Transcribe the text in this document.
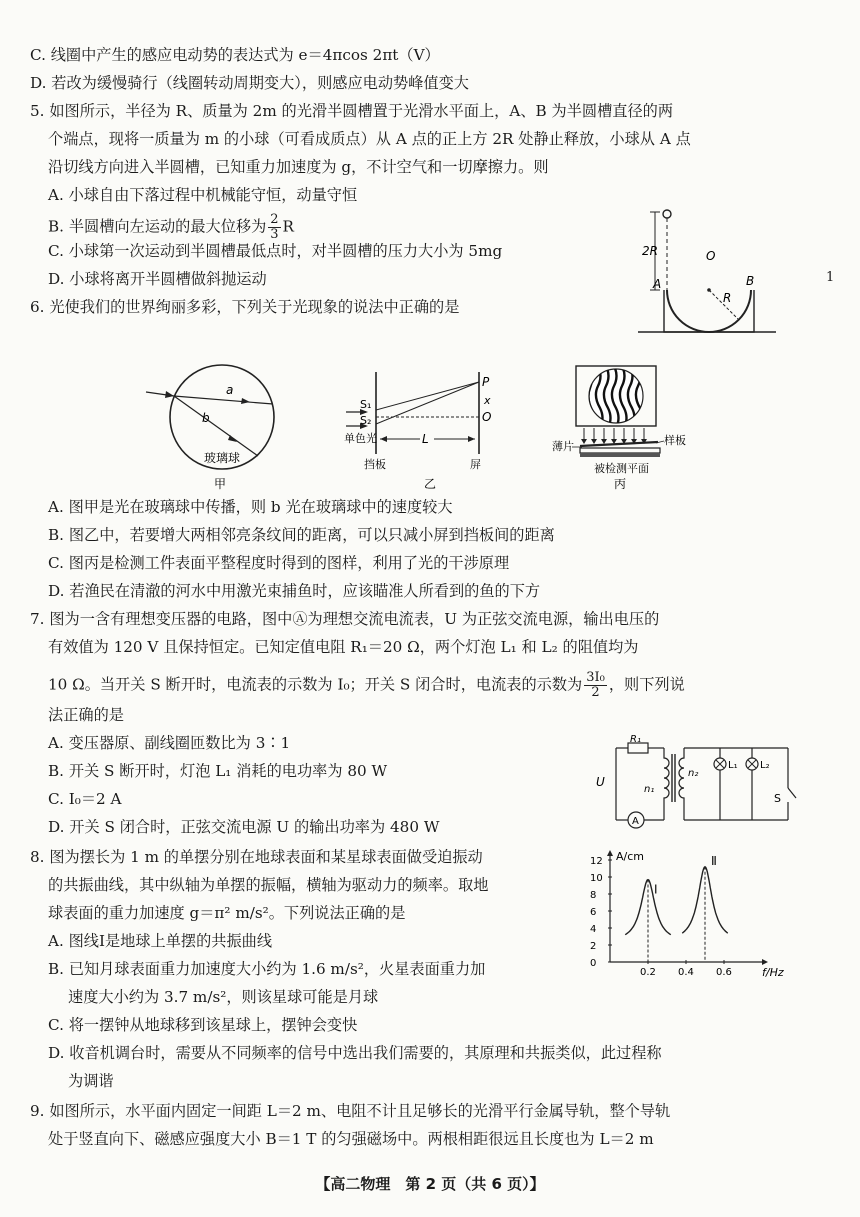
C. 线圈中产生的感应电动势的表达式为 e＝4πcos 2πt（V）
D. 若改为缓慢骑行（线圈转动周期变大），则感应电动势峰值变大
5. 如图所示，半径为 R、质量为 2m 的光滑半圆槽置于光滑水平面上，A、B 为半圆槽直径的两
个端点，现将一质量为 m 的小球（可看成质点）从 A 点的正上方 2R 处静止释放，小球从 A 点
沿切线方向进入半圆槽，已知重力加速度为 g，不计空气和一切摩擦力。则
A. 小球自由下落过程中机械能守恒，动量守恒
B. 半圆槽向左运动的最大位移为 $\frac{2}{3}$ R
C. 小球第一次运动到半圆槽最低点时，对半圆槽的压力大小为 5mg
D. 小球将离开半圆槽做斜抛运动
6. 光使我们的世界绚丽多彩，下列关于光现象的说法中正确的是
A. 图甲是光在玻璃球中传播，则 b 光在玻璃球中的速度较大
B. 图乙中，若要增大两相邻亮条纹间的距离，可以只减小屏到挡板间的距离
C. 图丙是检测工件表面平整程度时得到的图样，利用了光的干涉原理
D. 若渔民在清澈的河水中用激光束捕鱼时，应该瞄准人所看到的鱼的下方
7. 图为一含有理想变压器的电路，图中Ⓐ为理想交流电流表，U 为正弦交流电源，输出电压的
有效值为 120 V 且保持恒定。已知定值电阻 R₁＝20 Ω，两个灯泡 L₁ 和 L₂ 的阻值均为
10 Ω。当开关 S 断开时，电流表的示数为 I₀；开关 S 闭合时，电流表的示数为 $\frac{\text{3I₀}}{2}$ ，则下列说
法正确的是
A. 变压器原、副线圈匝数比为 3∶1
B. 开关 S 断开时，灯泡 L₁ 消耗的电功率为 80 W
C. I₀＝2 A
D. 开关 S 闭合时，正弦交流电源 U 的输出功率为 480 W
8. 图为摆长为 1 m 的单摆分别在地球表面和某星球表面做受迫振动
的共振曲线，其中纵轴为单摆的振幅，横轴为驱动力的频率。取地
球表面的重力加速度 g＝π² m/s²。下列说法正确的是
A. 图线Ⅰ是地球上单摆的共振曲线
B. 已知月球表面重力加速度大小约为 1.6 m/s²，火星表面重力加
速度大小约为 3.7 m/s²，则该星球可能是月球
C. 将一摆钟从地球移到该星球上，摆钟会变快
D. 收音机调台时，需要从不同频率的信号中选出我们需要的，其原理和共振类似，此过程称
为调谐
9. 如图所示，水平面内固定一间距 L＝2 m、电阻不计且足够长的光滑平行金属导轨，整个导轨
处于竖直向下、磁感应强度大小 B＝1 T 的匀强磁场中。两根相距很远且长度也为 L＝2 m
1
2R
A
O
R
B
a
b
玻璃球
甲
S₁
S₂
P
x
O
L
单色光
挡板	屏
乙
薄片	样板
被检测平面
丙
A
R₁
n₁
n₂
U
L₁ L₂
S
A/cm
f/Hz
0
2
4
6
8
10
12
0.2 0.4 0.6
Ⅰ
Ⅱ
【高二物理　第 2 页（共 6 页）】
